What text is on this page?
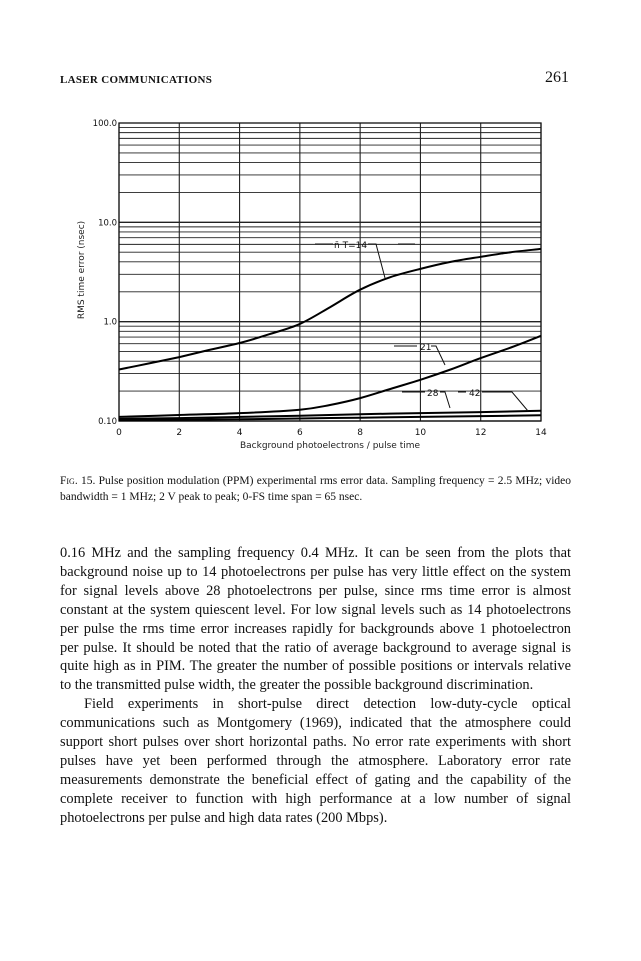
LASER COMMUNICATIONS	261
0	2	4	6	8	10	12	14
0.10
1.0
10.0
100.0
n̄ T=14
21
28	42
RMS time error (nsec)
Background photoelectrons / pulse time
Fig. 15. Pulse position modulation (PPM) experimental rms error data. Sampling frequency = 2.5 MHz; video bandwidth = 1 MHz; 2 V peak to peak; 0-FS time span = 65 nsec.

0.16 MHz and the sampling frequency 0.4 MHz. It can be seen from the plots that background noise up to 14 photoelectrons per pulse has very little effect on the system for signal levels above 28 photoelectrons per pulse, since rms time error is almost constant at the system quiescent level. For low signal levels such as 14 photoelectrons per pulse the rms time error increases rapidly for backgrounds above 1 photoelectron per pulse. It should be noted that the ratio of average background to average signal is quite high as in PIM. The greater the number of possible positions or intervals relative to the transmitted pulse width, the greater the possible background discrimination.

Field experiments in short-pulse direct detection low-duty-cycle optical communications such as Montgomery (1969), indicated that the atmosphere could support short pulses over short horizontal paths. No error rate experiments with short pulses have yet been performed through the atmosphere. Laboratory error rate measurements demonstrate the beneficial effect of gating and the capability of the complete receiver to function with high performance at a low number of signal photoelectrons per pulse and high data rates (200 Mbps).
